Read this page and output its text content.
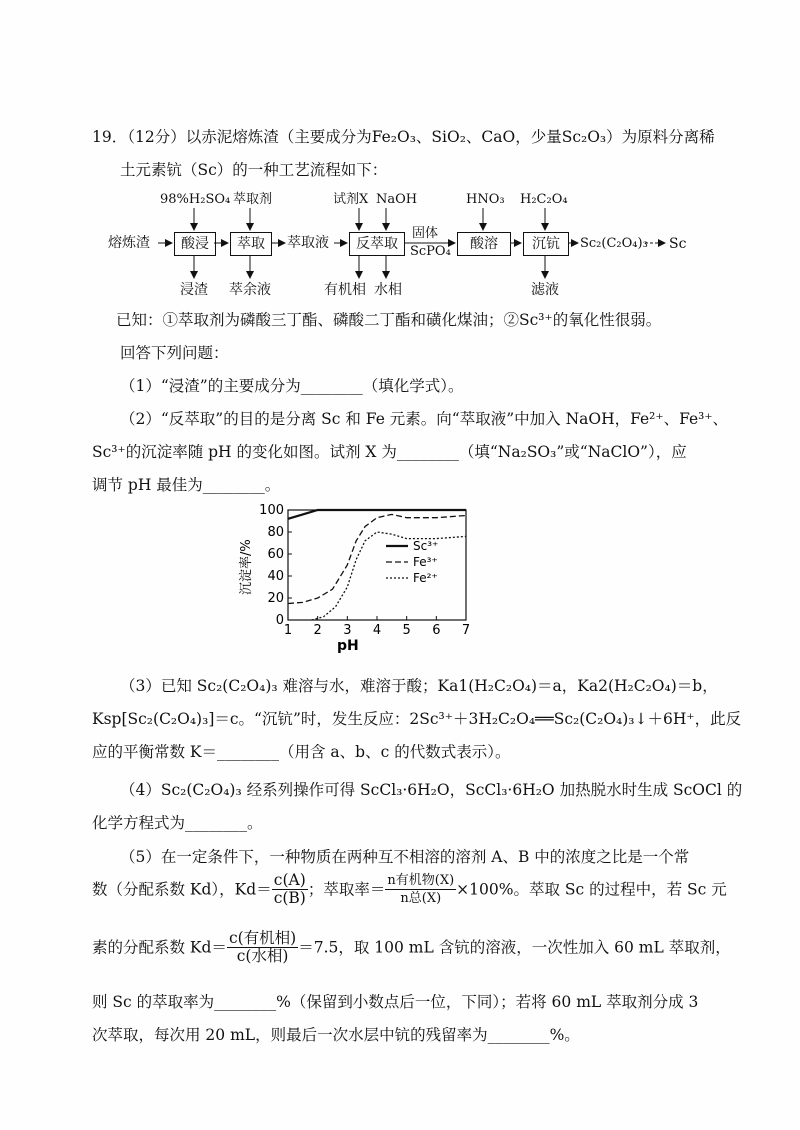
19．（12分）以赤泥熔炼渣（主要成分为Fe₂O₃、SiO₂、CaO，少量Sc₂O₃）为原料分离稀
土元素钪（Sc）的一种工艺流程如下：
熔炼渣	酸浸	萃取	萃取液	反萃取
固体
ScPO₄	酸溶	沉钪	Sc₂(C₂O₄)₃ Sc
98%H₂SO₄ 萃取剂	试剂X NaOH	HNO₃ H₂C₂O₄
浸渣 萃余液	有机相 水相	滤液
已知：①萃取剂为磷酸三丁酯、磷酸二丁酯和磺化煤油；②Sc³⁺的氧化性很弱。
回答下列问题：
（1）“浸渣”的主要成分为________（填化学式）。
（2）“反萃取”的目的是分离 Sc 和 Fe 元素。向“萃取液”中加入 NaOH，Fe²⁺、Fe³⁺、
Sc³⁺的沉淀率随 pH 的变化如图。试剂 X 为________（填“Na₂SO₃”或“NaClO”），应
调节 pH 最佳为________。
1 2 3 4 5 6 7
0
20
40
60
80
100
pH
沉淀率/%	Sc³⁺
Fe³⁺
Fe²⁺
（3）已知 Sc₂(C₂O₄)₃ 难溶与水，难溶于酸；Ka1(H₂C₂O₄)＝a，Ka2(H₂C₂O₄)＝b，
Ksp[Sc₂(C₂O₄)₃]＝c。“沉钪”时，发生反应：2Sc³⁺＋3H₂C₂O₄══Sc₂(C₂O₄)₃↓＋6H⁺，此反
应的平衡常数 K＝________（用含 a、b、c 的代数式表示）。
（4）Sc₂(C₂O₄)₃ 经系列操作可得 ScCl₃·6H₂O，ScCl₃·6H₂O 加热脱水时生成 ScOCl 的
化学方程式为________。
（5）在一定条件下，一种物质在两种互不相溶的溶剂 A、B 中的浓度之比是一个常
数（分配系数 Kd），$Kd= \frac{c(A)}{c(B)}$ ；萃取率＝ $\frac{\text{n有机物(X)}}{\text{n总(X)}} \times 100\%$。萃取 Sc 的过程中，若 Sc 元
素的分配系数 $Kd= \frac{\text{c(有机相)}}{\text{c(水相)}} =7.5$，取 100 mL 含钪的溶液，一次性加入 60 mL 萃取剂，
则 Sc 的萃取率为________%（保留到小数点后一位，下同）；若将 60 mL 萃取剂分成 3
次萃取，每次用 20 mL，则最后一次水层中钪的残留率为________%。
